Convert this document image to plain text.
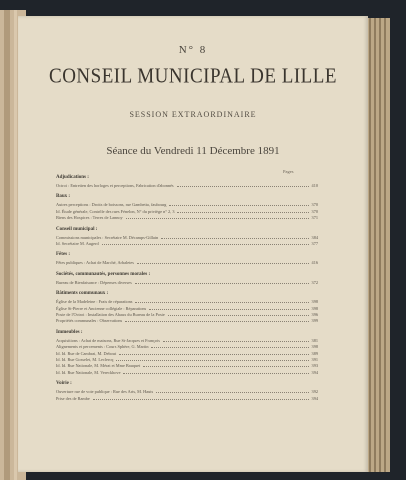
N° 8
CONSEIL MUNICIPAL DE LILLE
SESSION EXTRAORDINAIRE
Séance du Vendredi 11 Décembre 1891
Pages
Adjudications :
Octroi : Entretien des horloges et perceptions, Fabrication d'abonnés	410
Baux :
Autres perceptions : Droits de boissons, rue Gambetta, faubourg	370
Id. Étude générale, Contrôle des rues Fénelon, N° du priviège n° 2, 3	370
Biens des Hospices : Terres de Lannoy	371
Conseil municipal :
Commissions municipales : Secrétaire M. Décamps-Gillain	384
Id. Secrétaire M. Augerd	377
Fêtes :
Fêtes publiques : Achat de Marché, Arbaletes	416
Sociétés, communautés, personnes morales :
Bureau de Bienfaisance : Dépenses diverses	372
Bâtiments communaux :
Église de la Madeleine : Frais de réparations	398
Église St-Pierre et Ancienne collégiale : Réparations	398
Poste de l'Octroi : Installation des Abaux du Bureau de la Poste	396
Propriétés communales : Observations	399
Immeubles :
Acquisitions : Achat de maisons, Rue St-Jacques et François	381
Alignements et percements : Cours Sphère, G. Martin	398
Id. Id. Rue de Cambrai, M. Debout	389
Id. Id. Rue Gosselet, M. Leclercq	391
Id. Id. Rue Nationale, M. Mérat et Mme Bauquet	393
Id. Id. Rue Nationale, M. Vereckhove	394
Voirie :
Ouverture rue de voie publique : Rue des Arts, M. Hauts	392
Prise des de Rambe	394
